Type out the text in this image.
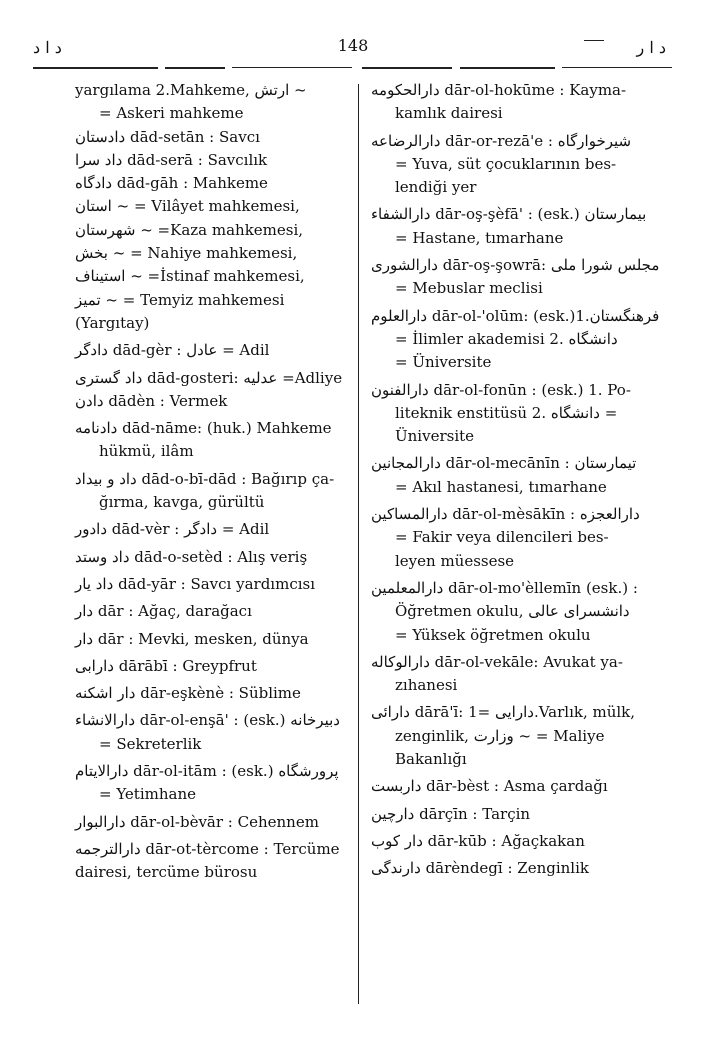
د ا د	148	د ا ر
yargılama 2.Mahkeme, ارتش ~
= Askeri mahkeme
دادستان dād-setān : Savcı
داد سرا dād-serā : Savcılık
دادگاه dād-gāh : Mahkeme
استان ~ = Vilâyet mahkemesi,
شهرستان ~ =Kaza mahkemesi,
بخش ~ = Nahiye mahkemesi,
استیناف ~ =İstinaf mahkemesi,
تمیز ~ = Temyiz mahkemesi
(Yargıtay)
دادگر dād-gèr : عادل = Adil
داد گستری dād-gosteri: عدلیه =Adliye
دادن dādèn : Vermek
دادنامه dād-nāme: (huk.) Mahkeme
hükmü, ilâm
داد و بیداد dād-o-bī-dād : Bağırıp ça-
ğırma, kavga, gürültü
دادور dād-vèr : دادگر = Adil
داد وستد dād-o-setèd : Alış veriş
داد یار dād-yār : Savcı yardımcısı
دار dār : Ağaç, darağacı
دار dār : Mevki, mesken, dünya
دارابی dārābī : Greypfrut
دار اشکنه dār-eşkènè : Süblime
دارالانشاء dār-ol-enşā' : (esk.) دبیرخانه
= Sekreterlik
دارالایتام dār-ol-itām : (esk.) پرورشگاه
= Yetimhane
دارالبوار dār-ol-bèvār : Cehennem
دارالترجمه dār-ot-tèrcome : Tercüme
dairesi, tercüme bürosu
دارالحکومه dār-ol-hokūme : Kayma-
kamlık dairesi
دارالرضاعه dār-or-rezā'e : شیرخوارگاه
= Yuva, süt çocuklarının bes-
lendiği yer
دارالشفاء dār-oş-şèfā' : (esk.) بیمارستان
= Hastane, tımarhane
دارالشوری dār-oş-şowrā: مجلس شورا ملی
= Mebuslar meclisi
دارالعلوم dār-ol-'olūm: (esk.)1.فرهنگستان
= İlimler akademisi 2. دانشگاه
= Üniversite
دارالفنون dār-ol-fonūn : (esk.) 1. Po-
liteknik enstitüsü 2. دانشگاه =
Üniversite
دارالمجانین dār-ol-mecānīn : تیمارستان
= Akıl hastanesi, tımarhane
دارالمساکین dār-ol-mèsākīn : دارالعجزه
= Fakir veya dilencileri bes-
leyen müessese
دارالمعلمین dār-ol-mo'èllemīn (esk.) :
Öğretmen okulu, دانشسرای عالی
= Yüksek öğretmen okulu
دارالوکاله dār-ol-vekāle: Avukat ya-
zıhanesi
دارائی dārā'ī: دارایی =1.Varlık, mülk,
zenginlik, وزارت ~ = Maliye
Bakanlığı
داربست dār-bèst : Asma çardağı
دارچین dārçīn : Tarçin
دار کوب dār-kūb : Ağaçkakan
دارندگی dārèndegī : Zenginlik
